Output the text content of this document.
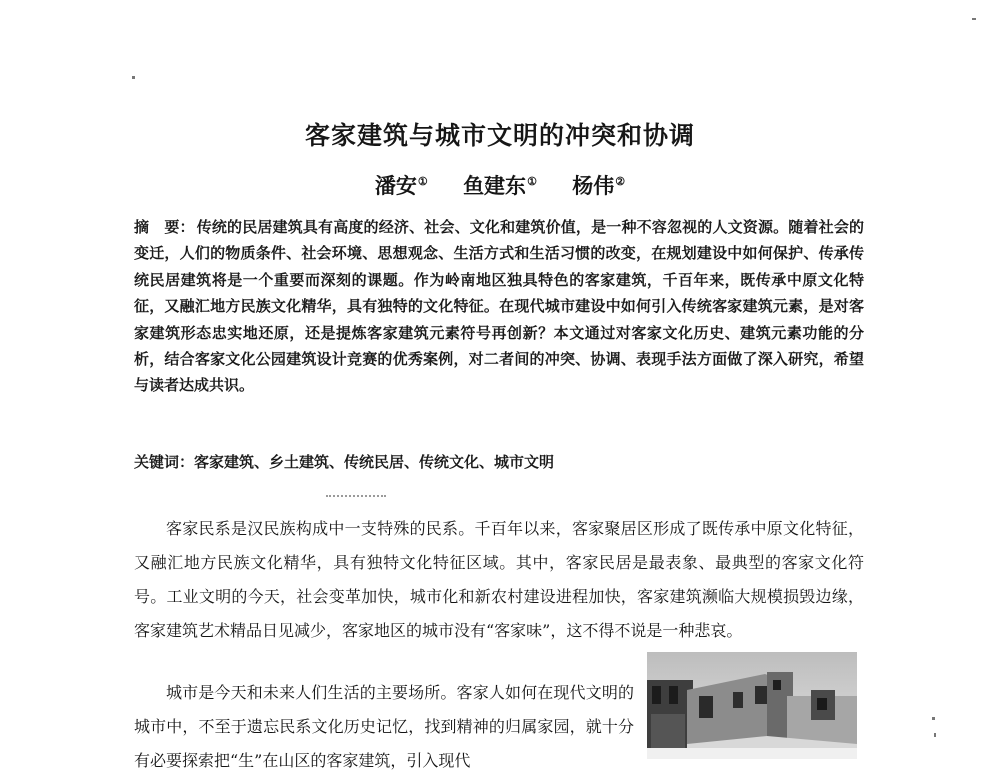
客家建筑与城市文明的冲突和协调
潘安① 鱼建东① 杨伟②
摘　要： 传统的民居建筑具有高度的经济、社会、文化和建筑价值，是一种不容忽视的人文资源。随着社会的变迁，人们的物质条件、社会环境、思想观念、生活方式和生活习惯的改变，在规划建设中如何保护、传承传统民居建筑将是一个重要而深刻的课题。作为岭南地区独具特色的客家建筑，千百年来，既传承中原文化特征，又融汇地方民族文化精华，具有独特的文化特征。在现代城市建设中如何引入传统客家建筑元素，是对客家建筑形态忠实地还原，还是提炼客家建筑元素符号再创新？本文通过对客家文化历史、建筑元素功能的分析，结合客家文化公园建筑设计竞赛的优秀案例，对二者间的冲突、协调、表现手法方面做了深入研究，希望与读者达成共识。
关键词：客家建筑、乡土建筑、传统民居、传统文化、城市文明

客家民系是汉民族构成中一支特殊的民系。千百年以来，客家聚居区形成了既传承中原文化特征，又融汇地方民族文化精华，具有独特文化特征区域。其中，客家民居是最表象、最典型的客家文化符号。工业文明的今天，社会变革加快，城市化和新农村建设进程加快，客家建筑濒临大规模损毁边缘，客家建筑艺术精品日见减少，客家地区的城市没有“客家味”，这不得不说是一种悲哀。

城市是今天和未来人们生活的主要场所。客家人如何在现代文明的城市中，不至于遗忘民系文化历史记忆，找到精神的归属家园，就十分有必要探索把“生”在山区的客家建筑，引入现代
